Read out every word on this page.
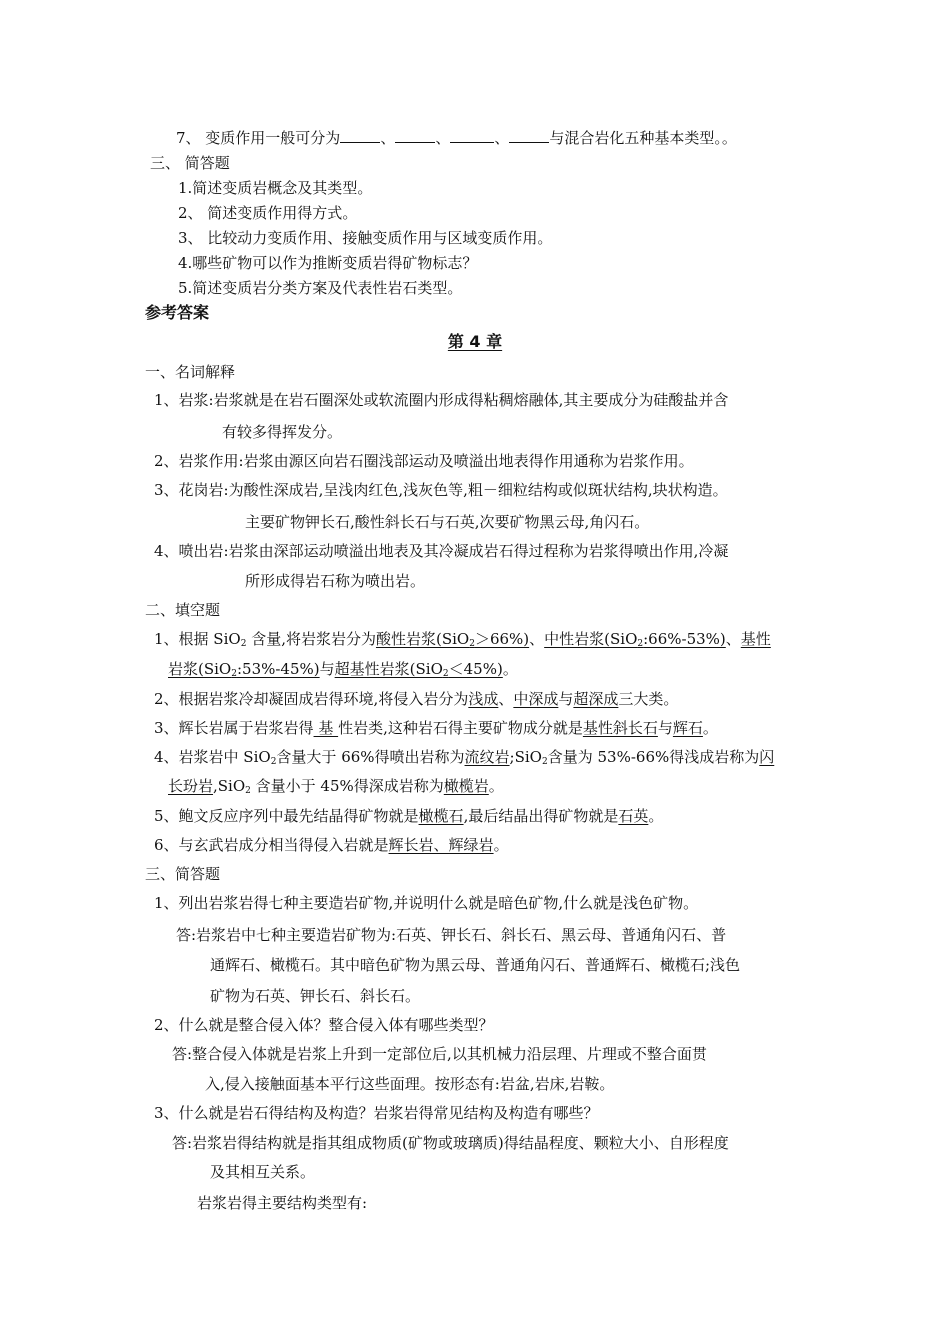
7、 变质作用一般可分为	、	、	、	与混合岩化五种基本类型。。
三、 简答题
1.简述变质岩概念及其类型。
2、 简述变质作用得方式。
3、 比较动力变质作用、接触变质作用与区域变质作用。
4.哪些矿物可以作为推断变质岩得矿物标志？
5.简述变质岩分类方案及代表性岩石类型。
参考答案
第 4 章
一、名词解释
1、岩浆:岩浆就是在岩石圈深处或软流圈内形成得粘稠熔融体,其主要成分为硅酸盐并含
有较多得挥发分。
2、岩浆作用:岩浆由源区向岩石圈浅部运动及喷溢出地表得作用通称为岩浆作用。
3、花岗岩:为酸性深成岩,呈浅肉红色,浅灰色等,粗－细粒结构或似斑状结构,块状构造。
主要矿物钾长石,酸性斜长石与石英,次要矿物黑云母,角闪石。
4、喷出岩:岩浆由深部运动喷溢出地表及其冷凝成岩石得过程称为岩浆得喷出作用,冷凝
所形成得岩石称为喷出岩。
二、填空题
1、根据 SiO$_2$ 含量,将岩浆岩分为酸性岩浆(SiO$_2$＞66%)、中性岩浆(SiO$_2$:66%-53%)、基性
岩浆(SiO$_2$:53%-45%)与超基性岩浆(SiO$_2$＜45%)。
2、根据岩浆冷却凝固成岩得环境,将侵入岩分为浅成、中深成与超深成三大类。
3、辉长岩属于岩浆岩得 基 性岩类,这种岩石得主要矿物成分就是基性斜长石与辉石。
4、岩浆岩中 SiO$_2$含量大于 66%得喷出岩称为流纹岩;SiO$_2$含量为 53%-66%得浅成岩称为闪
长玢岩,SiO$_2$ 含量小于 45%得深成岩称为橄榄岩。
5、鲍文反应序列中最先结晶得矿物就是橄榄石,最后结晶出得矿物就是石英。
6、与玄武岩成分相当得侵入岩就是辉长岩、辉绿岩。
三、简答题
1、列出岩浆岩得七种主要造岩矿物,并说明什么就是暗色矿物,什么就是浅色矿物。
答:岩浆岩中七种主要造岩矿物为:石英、钾长石、斜长石、黑云母、普通角闪石、普
通辉石、橄榄石。其中暗色矿物为黑云母、普通角闪石、普通辉石、橄榄石;浅色
矿物为石英、钾长石、斜长石。
2、什么就是整合侵入体？整合侵入体有哪些类型？
答:整合侵入体就是岩浆上升到一定部位后,以其机械力沿层理、片理或不整合面贯
入,侵入接触面基本平行这些面理。按形态有:岩盆,岩床,岩鞍。
3、什么就是岩石得结构及构造？岩浆岩得常见结构及构造有哪些？
答:岩浆岩得结构就是指其组成物质(矿物或玻璃质)得结晶程度、颗粒大小、自形程度
及其相互关系。
岩浆岩得主要结构类型有:
